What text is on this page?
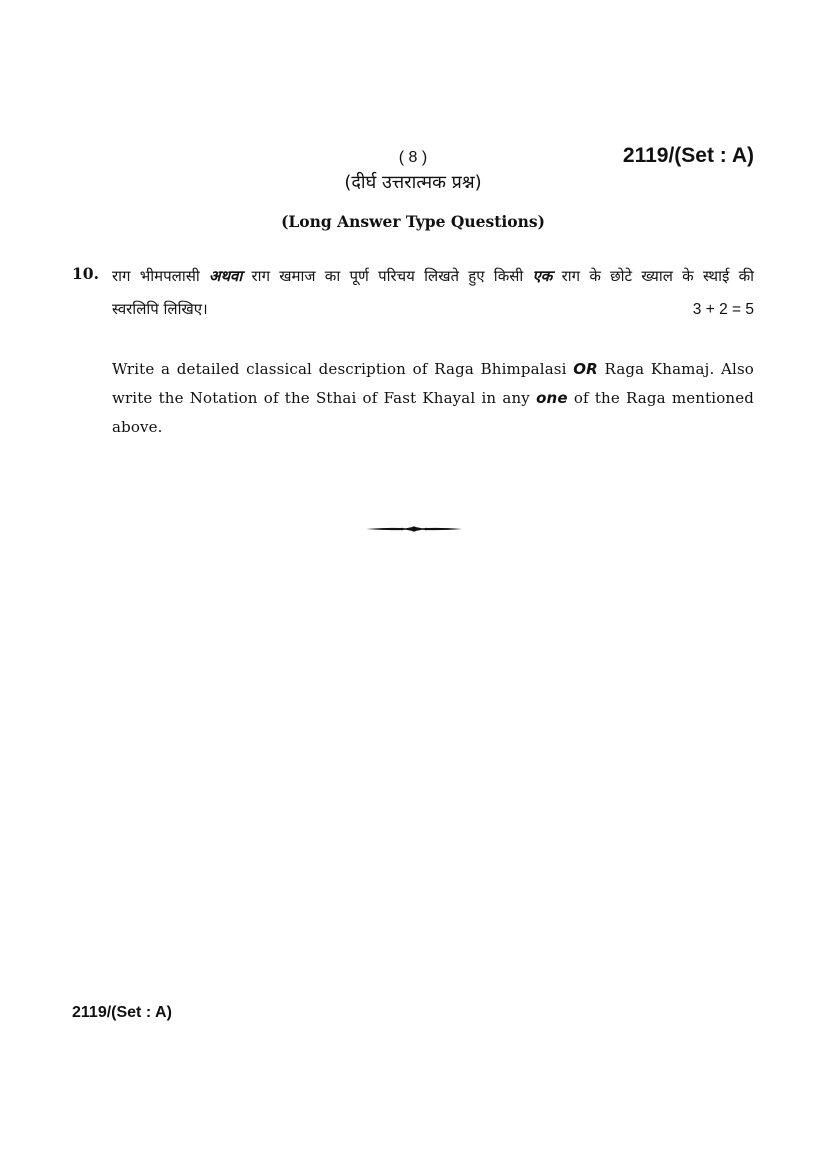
( 8 )	2119/(Set : A)
(दीर्घ उत्तरात्मक प्रश्न)
(Long Answer Type Questions)
10. राग भीमपलासी अथवा राग खमाज का पूर्ण परिचय लिखते हुए किसी एक राग के छोटे ख्याल के स्थाई की
स्वरलिपि लिखिए।	3 + 2 = 5
Write a detailed classical description of Raga Bhimpalasi OR Raga Khamaj. Also write the Notation of the Sthai of Fast Khayal in any one of the Raga mentioned above.
2119/(Set : A)
